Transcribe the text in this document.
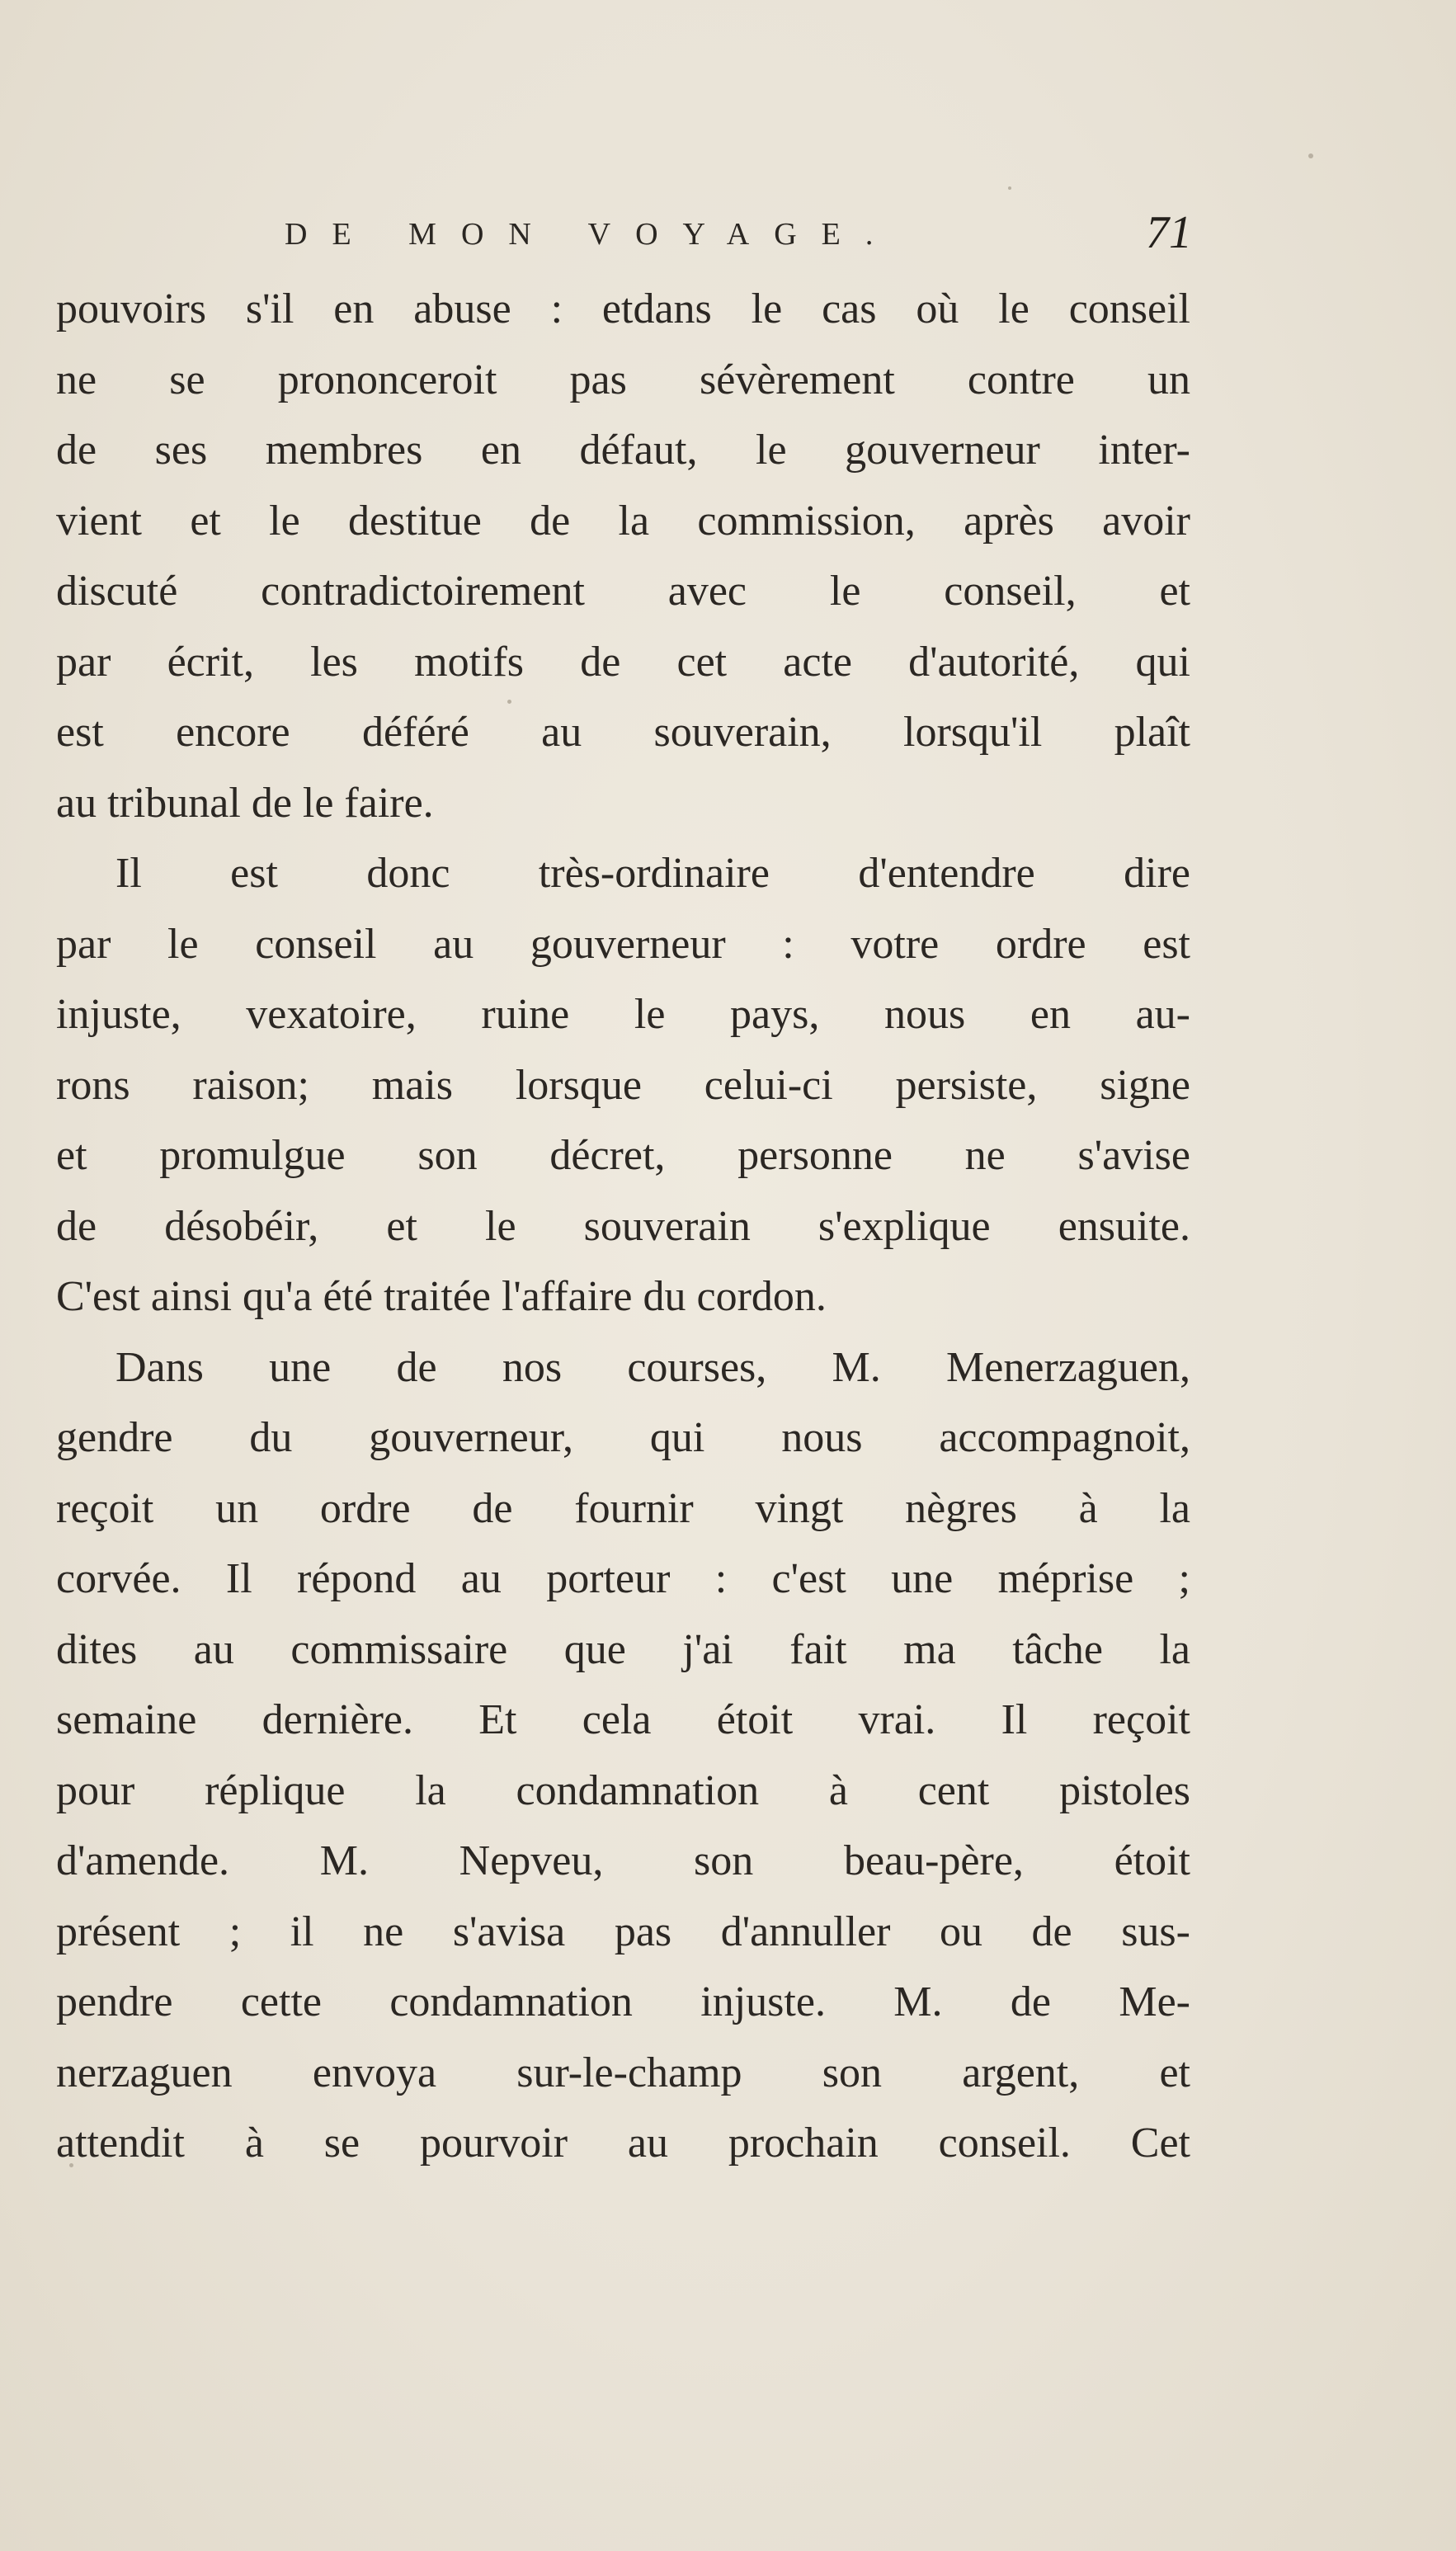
DE MON VOYAGE.	71
pouvoirs s'il en abuse : etdans le cas où le conseil
ne se prononceroit pas sévèrement contre un
de ses membres en défaut, le gouverneur inter-
vient et le destitue de la commission, après avoir
discuté contradictoirement avec le conseil, et
par écrit, les motifs de cet acte d'autorité, qui
est encore déféré au souverain, lorsqu'il plaît
au tribunal de le faire.
Il est donc très-ordinaire d'entendre dire
par le conseil au gouverneur : votre ordre est
injuste, vexatoire, ruine le pays, nous en au-
rons raison; mais lorsque celui-ci persiste, signe
et promulgue son décret, personne ne s'avise
de désobéir, et le souverain s'explique ensuite.
C'est ainsi qu'a été traitée l'affaire du cordon.
Dans une de nos courses, M. Menerzaguen,
gendre du gouverneur, qui nous accompagnoit,
reçoit un ordre de fournir vingt nègres à la
corvée. Il répond au porteur : c'est une méprise ;
dites au commissaire que j'ai fait ma tâche la
semaine dernière. Et cela étoit vrai. Il reçoit
pour réplique la condamnation à cent pistoles
d'amende. M. Nepveu, son beau-père, étoit
présent ; il ne s'avisa pas d'annuller ou de sus-
pendre cette condamnation injuste. M. de Me-
nerzaguen envoya sur-le-champ son argent, et
attendit à se pourvoir au prochain conseil. Cet
